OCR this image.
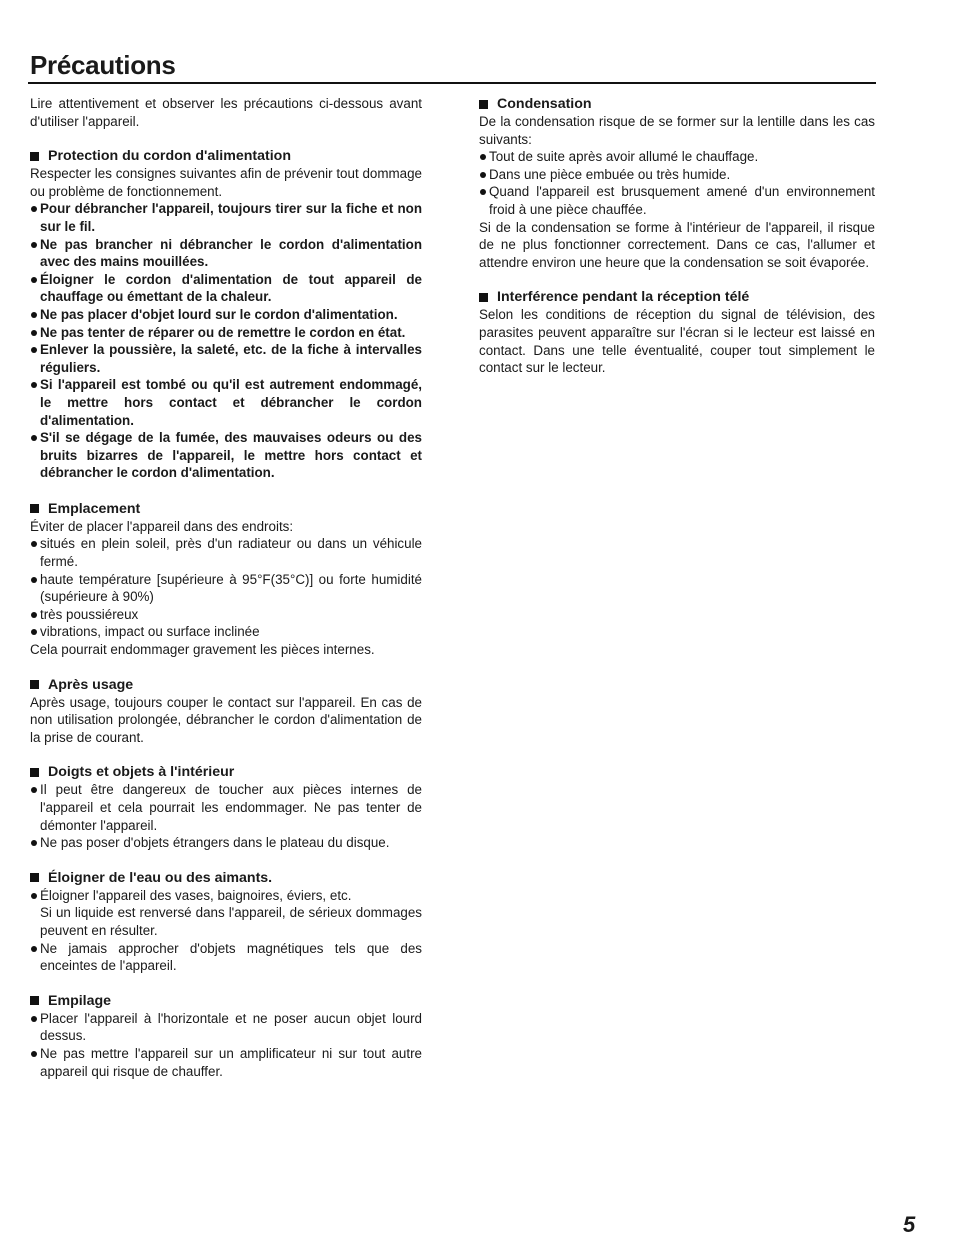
Précautions

Lire attentivement et observer les précautions ci-dessous avant d'utiliser l'appareil.

Protection du cordon d'alimentation

Respecter les consignes suivantes afin de prévenir tout dommage ou problème de fonctionnement.

Pour débrancher l'appareil, toujours tirer sur la fiche et non sur le fil.
Ne pas brancher ni débrancher le cordon d'alimentation avec des mains mouillées.
Éloigner le cordon d'alimentation de tout appareil de chauffage ou émettant de la chaleur.
Ne pas placer d'objet lourd sur le cordon d'alimentation.
Ne pas tenter de réparer ou de remettre le cordon en état.
Enlever la poussière, la saleté, etc. de la fiche à intervalles réguliers.
Si l'appareil est tombé ou qu'il est autrement endommagé, le mettre hors contact et débrancher le cordon d'alimentation.
S'il se dégage de la fumée, des mauvaises odeurs ou des bruits bizarres de l'appareil, le mettre hors contact et débrancher le cordon d'alimentation.
Emplacement

Éviter de placer l'appareil dans des endroits:

situés en plein soleil, près d'un radiateur ou dans un véhicule fermé.
haute température [supérieure à 95°F(35°C)] ou forte humidité (supérieure à 90%)
très poussiéreux
vibrations, impact ou surface inclinée

Cela pourrait endommager gravement les pièces internes.

Après usage

Après usage, toujours couper le contact sur l'appareil. En cas de non utilisation prolongée, débrancher le cordon d'alimentation de la prise de courant.

Doigts et objets à l'intérieur
Il peut être dangereux de toucher aux pièces internes de l'appareil et cela pourrait les endommager. Ne pas tenter de démonter l'appareil.
Ne pas poser d'objets étrangers dans le plateau du disque.
Éloigner de l'eau ou des aimants.
Éloigner l'appareil des vases, baignoires, éviers, etc.

Si un liquide est renversé dans l'appareil, de sérieux dommages peuvent en résulter.

Ne jamais approcher d'objets magnétiques tels que des enceintes de l'appareil.
Empilage
Placer l'appareil à l'horizontale et ne poser aucun objet lourd dessus.
Ne pas mettre l'appareil sur un amplificateur ni sur tout autre appareil qui risque de chauffer.
Condensation

De la condensation risque de se former sur la lentille dans les cas suivants:

Tout de suite après avoir allumé le chauffage.
Dans une pièce embuée ou très humide.
Quand l'appareil est brusquement amené d'un environnement froid à une pièce chauffée.

Si de la condensation se forme à l'intérieur de l'appareil, il risque de ne plus fonctionner correctement. Dans ce cas, l'allumer et attendre environ une heure que la condensation se soit évaporée.

Interférence pendant la réception télé

Selon les conditions de réception du signal de télévision, des parasites peuvent apparaître sur l'écran si le lecteur est laissé en contact. Dans une telle éventualité, couper tout simplement le contact sur le lecteur.

5
